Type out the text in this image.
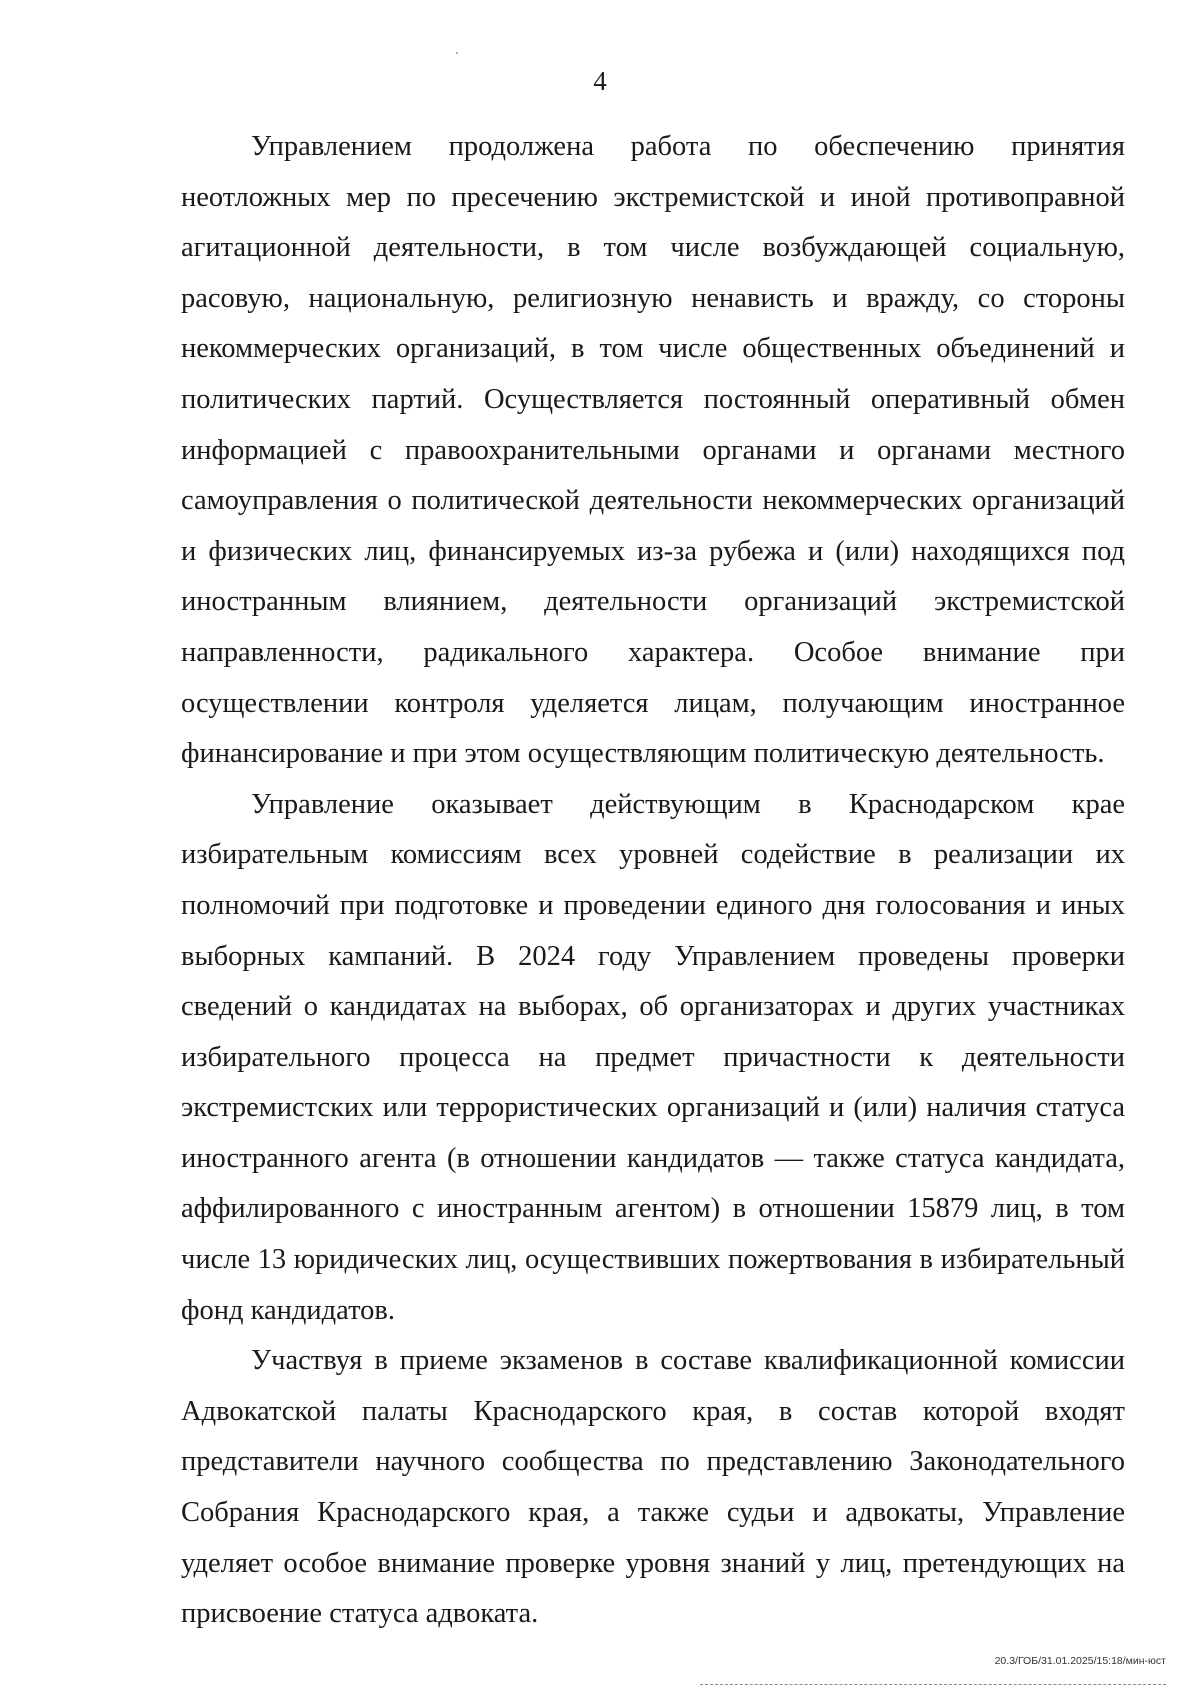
4

Управлением продолжена работа по обеспечению принятия неотложных мер по пресечению экстремистской и иной противоправной агитационной деятельности, в том числе возбуждающей социальную, расовую, национальную, религиозную ненависть и вражду, со стороны некоммерческих организаций, в том числе общественных объединений и политических партий. Осуществляется постоянный оперативный обмен информацией с правоохранительными органами и органами местного самоуправления о политической деятельности некоммерческих организаций и физических лиц, финансируемых из-за рубежа и (или) находящихся под иностранным влиянием, деятельности организаций экстремистской направленности, радикального характера. Особое внимание при осуществлении контроля уделяется лицам, получающим иностранное финансирование и при этом осуществляющим политическую деятельность.

Управление оказывает действующим в Краснодарском крае избирательным комиссиям всех уровней содействие в реализации их полномочий при подготовке и проведении единого дня голосования и иных выборных кампаний. В 2024 году Управлением проведены проверки сведений о кандидатах на выборах, об организаторах и других участниках избирательного процесса на предмет причастности к деятельности экстремистских или террористических организаций и (или) наличия статуса иностранного агента (в отношении кандидатов — также статуса кандидата, аффилированного с иностранным агентом) в отношении 15879 лиц, в том числе 13 юридических лиц, осуществивших пожертвования в избирательный фонд кандидатов.

Участвуя в приеме экзаменов в составе квалификационной комиссии Адвокатской палаты Краснодарского края, в состав которой входят представители научного сообщества по представлению Законодательного Собрания Краснодарского края, а также судьи и адвокаты, Управление уделяет особое внимание проверке уровня знаний у лиц, претендующих на присвоение статуса адвоката.

20.3/ГОБ/31.01.2025/15:18/мин-юст
